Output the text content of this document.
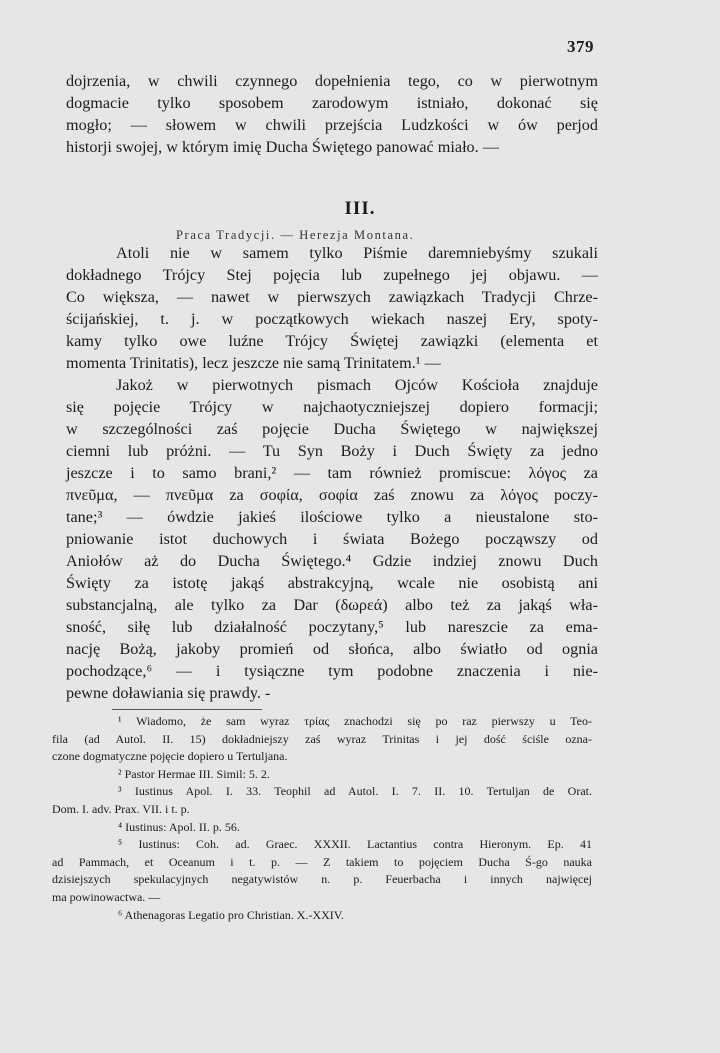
379
dojrzenia, w chwili czynnego dopełnienia tego, co w pierwotnym
dogmacie tylko sposobem zarodowym istniało, dokonać się
mogło; — słowem w chwili przejścia Ludzkości w ów perjod
historji swojej, w którym imię Ducha Świętego panować miało. —
III.
Praca Tradycji. — Herezja Montana.
Atoli nie w samem tylko Piśmie daremniebyśmy szukali
dokładnego Trójcy Stej pojęcia lub zupełnego jej objawu. —
Co większa, — nawet w pierwszych zawiązkach Tradycji Chrze-
ścijańskiej, t. j. w początkowych wiekach naszej Ery, spoty-
kamy tylko owe luźne Trójcy Świętej zawiązki (elementa et
momenta Trinitatis), lecz jeszcze nie samą Trinitatem.¹ —
Jakoż w pierwotnych pismach Ojców Kościoła znajduje
się pojęcie Trójcy w najchaotyczniejszej dopiero formacji;
w szczególności zaś pojęcie Ducha Świętego w największej
ciemni lub próżni. — Tu Syn Boży i Duch Święty za jedno
jeszcze i to samo brani,² — tam również promiscue: λόγος za
πνεῦμα, — πνεῦμα za σοφία, σοφία zaś znowu za λόγος poczy-
tane;³ — ówdzie jakieś ilościowe tylko a nieustalone sto-
pniowanie istot duchowych i świata Bożego począwszy od
Aniołów aż do Ducha Świętego.⁴ Gdzie indziej znowu Duch
Święty za istotę jakąś abstrakcyjną, wcale nie osobistą ani
substancjalną, ale tylko za Dar (δωρεά) albo też za jakąś wła-
sność, siłę lub działalność poczytany,⁵ lub nareszcie za ema-
nację Bożą, jakoby promień od słońca, albo światło od ognia
pochodzące,⁶ — i tysiączne tym podobne znaczenia i nie-
pewne doławiania się prawdy. -
¹ Wiadomo, że sam wyraz τρίας znachodzi się po raz pierwszy u Teo-
fila (ad Autol. II. 15) dokładniejszy zaś wyraz Trinitas i jej dość ściśle ozna-
czone dogmatyczne pojęcie dopiero u Tertuljana.
² Pastor Hermae III. Simil: 5. 2.
³ Iustinus Apol. I. 33. Teophil ad Autol. I. 7. II. 10. Tertuljan de Orat.
Dom. I. adv. Prax. VII. i t. p.
⁴ Iustinus: Apol. II. p. 56.
⁵ Iustinus: Coh. ad. Graec. XXXII. Lactantius contra Hieronym. Ep. 41
ad Pammach, et Oceanum i t. p. — Z takiem to pojęciem Ducha Ś-go nauka
dzisiejszych spekulacyjnych negatywistów n. p. Feuerbacha i innych najwięcej
ma powinowactwa. —
⁶ Athenagoras Legatio pro Christian. X.-XXIV.
